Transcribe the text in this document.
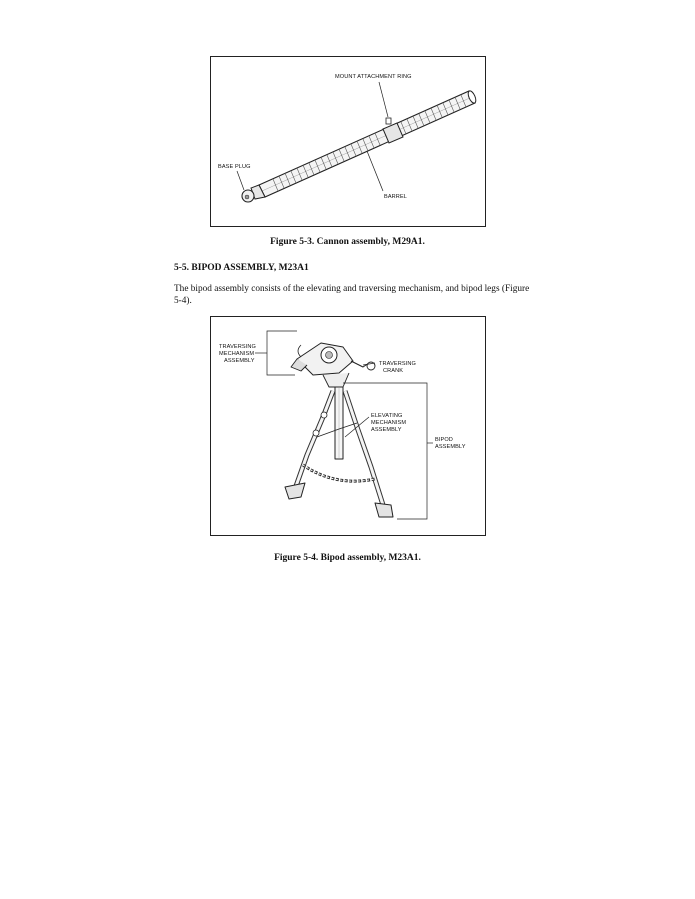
MOUNT ATTACHMENT RING
BASE PLUG
BARREL
Figure 5-3. Cannon assembly, M29A1.
5-5. BIPOD ASSEMBLY, M23A1
The bipod assembly consists of the elevating and traversing mechanism, and bipod legs (Figure 5-4).
TRAVERSING
MECHANISM
ASSEMBLY	TRAVERSING
CRANK
ELEVATING
MECHANISM
ASSEMBLY
BIPOD
ASSEMBLY
Figure 5-4. Bipod assembly, M23A1.
